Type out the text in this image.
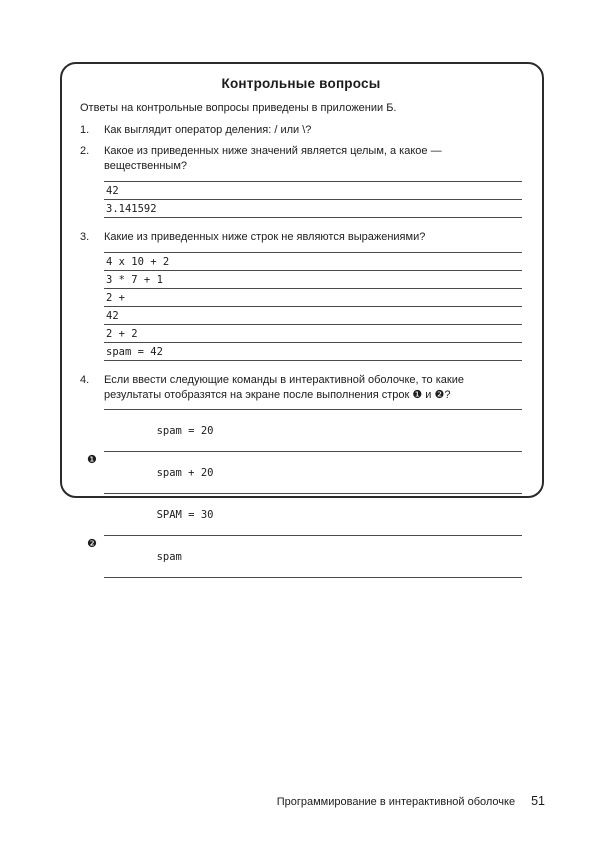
Контрольные вопросы
Ответы на контрольные вопросы приведены в приложении Б.
1.	Как выглядит оператор деления: / или \?
2.	Какое из приведенных ниже значений является целым, а какое — вещественным?
42
3.141592
3.	Какие из приведенных ниже строк не являются выражениями?
4 x 10 + 2
3 * 7 + 1
2 +
42
2 + 2
spam = 42
4.	Если ввести следующие команды в интерактивной оболочке, то какие результаты отобразятся на экране после выполнения строк ❶ и ❷?

spam = 20

❶
spam + 20

SPAM = 30

❷
spam

Программирование в интерактивной оболочке 51
